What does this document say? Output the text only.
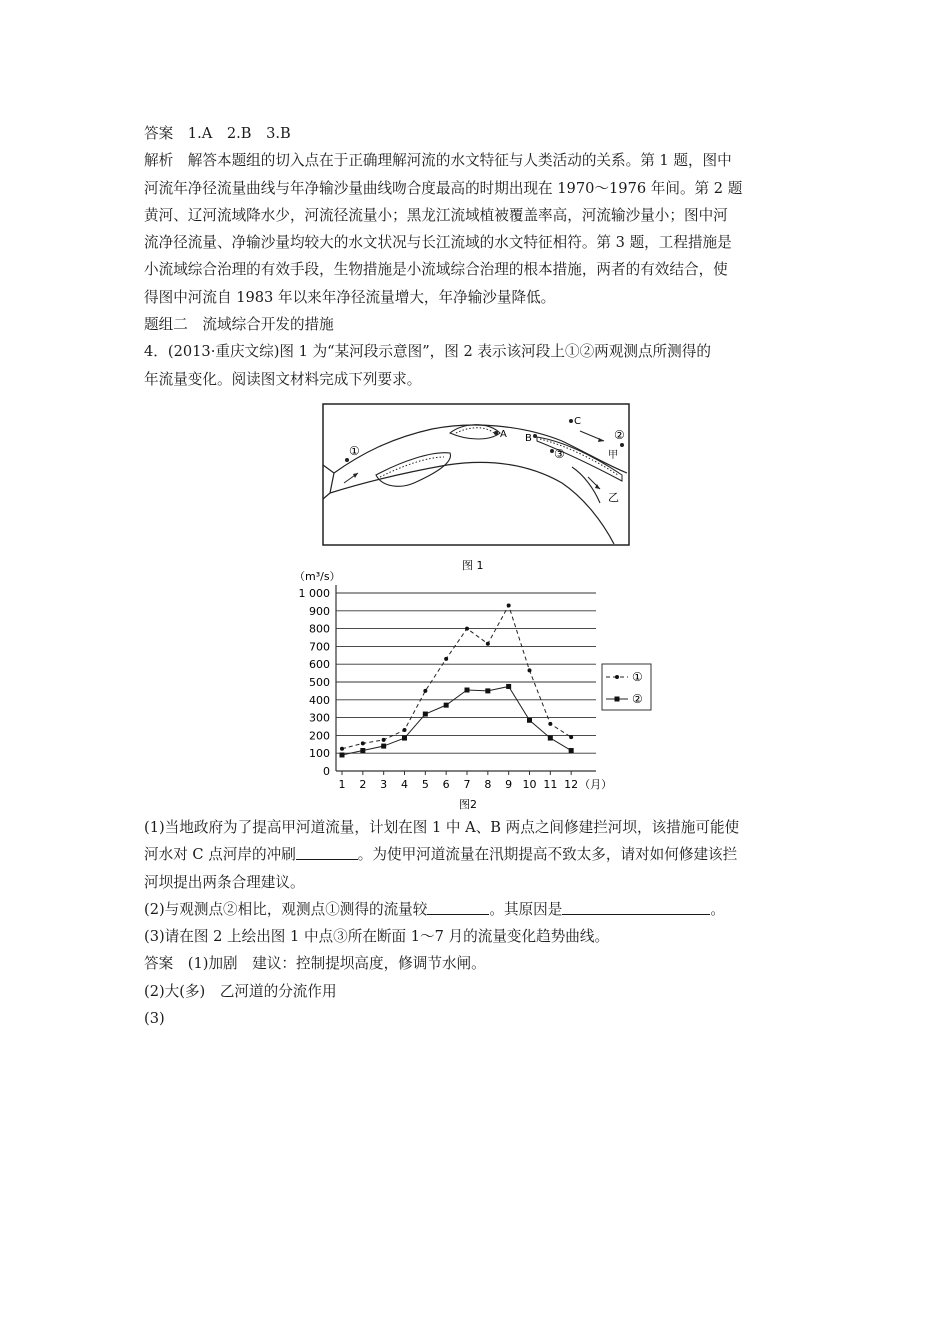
答案　1.A　2.B　3.B

解析　解答本题组的切入点在于正确理解河流的水文特征与人类活动的关系。第 1 题，图中

河流年净径流量曲线与年净输沙量曲线吻合度最高的时期出现在 1970～1976 年间。第 2 题

黄河、辽河流域降水少，河流径流量小；黑龙江流域植被覆盖率高，河流输沙量小；图中河

流净径流量、净输沙量均较大的水文状况与长江流域的水文特征相符。第 3 题，工程措施是

小流域综合治理的有效手段，生物措施是小流域综合治理的根本措施，两者的有效结合，使

得图中河流自 1983 年以来年净径流量增大，年净输沙量降低。

题组二　流域综合开发的措施

4．(2013·重庆文综)图 1 为“某河段示意图”，图 2 表示该河段上①②两观测点所测得的

年流量变化。阅读图文材料完成下列要求。

①
A B
C
②
③	甲
乙
图 1
（m³/s）
0
100
200
300
400
500
600
700
800
900
1 000
1 2 3 4 5 6 7 8 9 10 11 12 （月）
①
②
图2

(1)当地政府为了提高甲河道流量，计划在图 1 中 A、B 两点之间修建拦河坝，该措施可能使

河水对 C 点河岸的冲刷	。为使甲河道流量在汛期提高不致太多，请对如何修建该拦

河坝提出两条合理建议。

(2)与观测点②相比，观测点①测得的流量较	。其原因是	。

(3)请在图 2 上绘出图 1 中点③所在断面 1～7 月的流量变化趋势曲线。

答案　(1)加剧　建议：控制提坝高度，修调节水闸。

(2)大(多)　乙河道的分流作用

(3)
